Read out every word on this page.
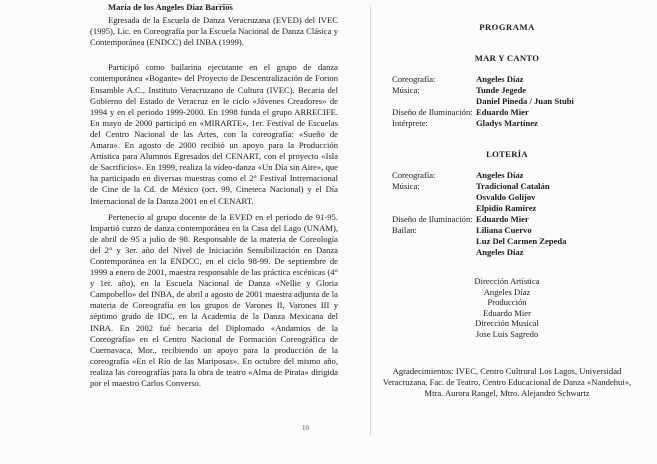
María de los Angeles Díaz Barrios

Egresada de la Escuela de Danza Veracruzana (EVED) del IVEC (1995), Lic. en Coreografía por la Escuela Nacional de Danza Clásica y Contemporánea (ENDCC) del INBA (1999).

Participó como bailarina ejecutante en el grupo de danza contemporánea «Bogante» del Proyecto de Descentralización de Forion Ensamble A.C., Instituto Veracruzano de Cultura (IVEC). Becaria del Gobierno del Estado de Veracruz en le ciclo «Jóvenes Creadores» de 1994 y en el periodo 1999-2000. En 1998 funda el grupo ARRECIFE. En mayo de 2000 participó en «MIRARTE», 1er. Festival de Escuelas del Centro Nacional de las Artes, con la coreografía: «Sueño de Amara». En agosto de 2000 recibió un apoyo para la Producción Artística para Alumnos Egresados del CENART, con el proyecto «Isla de Sacrificios». En 1999, realiza la vídeo-danza «Un Día sin Aire», que ha participado en diversas muestras como el 2° Festival Intrernacional de Cine de la Cd. de México (oct. 99, Cineteca Nacional) y el Día Internacional de la Danza 2001 en el CENART.

Pertenecío al grupo docente de la EVED en el período de 91-95. Impartió curzo de danza contemporánea en la Casa del Lago (UNAM), de abril de 95 a julio de 98. Responsable de la materia de Coreología del 2° y 3er. año del Nivel de Iniciación Sensibilización en Danza Contemporánea en la ENDCC, en el ciclo 98-99. De septiembre de 1999 a enero de 2001, maestra responsable de las práctica escénicas (4° y 1er. año), en la Escuela Nacional de Danza «Nellie y Gloria Campobello» del INBA, de abril a agosto de 2001 maestra adjunta de la materia de Coreografía en los grupos de Varones II, Varones III y séptimo grado de IDC, en la Academia de la Danza Mexicana del INBA. En 2002 fué becaria del Diplomado «Andamios de la Coreografía» en el Centro Nacional de Formación Coreográfica de Cuernavaca, Mor., recibiendo un apoyo para la producción de la coreografía «En el Río de las Mariposas». En octubre del mismo año, realiza las coreografías para la obra de teatro «Alma de Pirata» dirigida por el maestro Carlos Converso.

10
PROGRAMA
MAR Y CANTO
Coreografía:	Angeles Díaz
Música:	Tunde Jegede
Daniel Pineda / Juan Stubi
Diseño de Iluminación: Eduardo Mier
Intérprete:	Gladys Martínez
LOTERÍA
Coreografía:	Angeles Díaz
Música:	Tradicional Catalán
Osvaldo Golijov
Elpidio Ramírez
Diseño de Iluminación: Eduardo Mier
Bailan:	Liliana Cuervo
Luz Del Carmen Zepeda
Angeles Díaz
Dirección Artística
Angeles Díaz
Producción
Eduardo Mier
Dirección Musical
Jose Luis Sagredo
Agradecimientos: IVEC, Centro Cultrural Los Lagos, Universidad Veracruzana, Fac. de Teatro, Centro Educacional de Danza «Nandehui», Mtra. Aurora Rangel, Mtro. Alejandro Schwartz
